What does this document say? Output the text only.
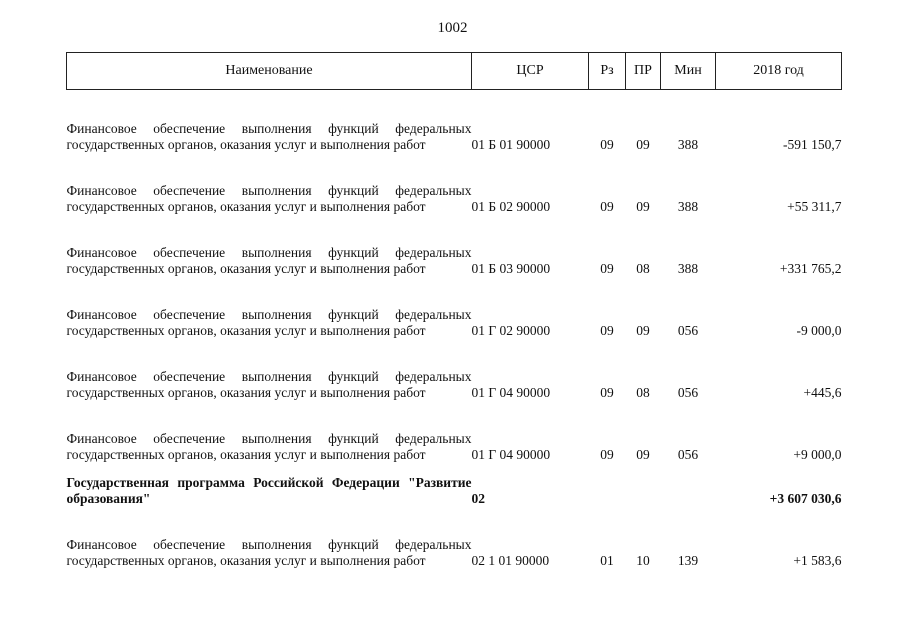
1002
Наименование	ЦСР	Рз	ПР	Мин	2018 год
Финансовое обеспечение выполнения функций федеральных государственных органов, оказания услуг и выполнения работ	01 Б 01 90000	09	09	388	-591 150,7
Финансовое обеспечение выполнения функций федеральных государственных органов, оказания услуг и выполнения работ	01 Б 02 90000	09	09	388	+55 311,7
Финансовое обеспечение выполнения функций федеральных государственных органов, оказания услуг и выполнения работ	01 Б 03 90000	09	08	388	+331 765,2
Финансовое обеспечение выполнения функций федеральных государственных органов, оказания услуг и выполнения работ	01 Г 02 90000	09	09	056	-9 000,0
Финансовое обеспечение выполнения функций федеральных государственных органов, оказания услуг и выполнения работ	01 Г 04 90000	09	08	056	+445,6
Финансовое обеспечение выполнения функций федеральных государственных органов, оказания услуг и выполнения работ	01 Г 04 90000	09	09	056	+9 000,0
Государственная программа Российской Федерации "Развитие образования"	02				+3 607 030,6
Финансовое обеспечение выполнения функций федеральных государственных органов, оказания услуг и выполнения работ	02 1 01 90000	01	10	139	+1 583,6
